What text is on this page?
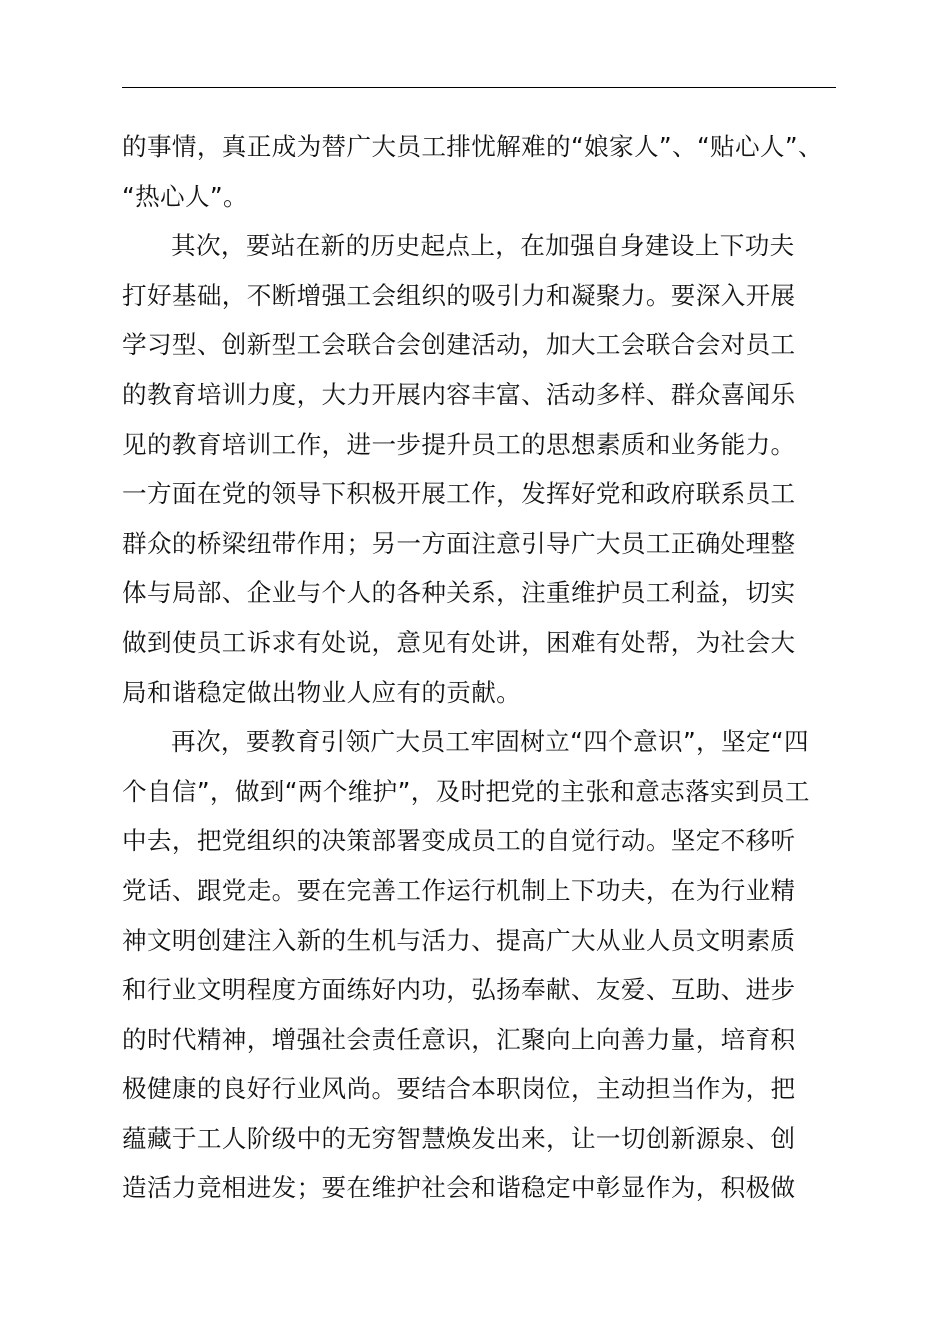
的事情，真正成为替广大员工排忧解难的“娘家人”、“贴心人”、
“热心人”。
其次，要站在新的历史起点上，在加强自身建设上下功夫
打好基础，不断增强工会组织的吸引力和凝聚力。要深入开展
学习型、创新型工会联合会创建活动，加大工会联合会对员工
的教育培训力度，大力开展内容丰富、活动多样、群众喜闻乐
见的教育培训工作，进一步提升员工的思想素质和业务能力。
一方面在党的领导下积极开展工作，发挥好党和政府联系员工
群众的桥梁纽带作用；另一方面注意引导广大员工正确处理整
体与局部、企业与个人的各种关系，注重维护员工利益，切实
做到使员工诉求有处说，意见有处讲，困难有处帮，为社会大
局和谐稳定做出物业人应有的贡献。
再次，要教育引领广大员工牢固树立“四个意识”，坚定“四
个自信”，做到“两个维护”，及时把党的主张和意志落实到员工
中去，把党组织的决策部署变成员工的自觉行动。坚定不移听
党话、跟党走。要在完善工作运行机制上下功夫，在为行业精
神文明创建注入新的生机与活力、提高广大从业人员文明素质
和行业文明程度方面练好内功，弘扬奉献、友爱、互助、进步
的时代精神，增强社会责任意识，汇聚向上向善力量，培育积
极健康的良好行业风尚。要结合本职岗位，主动担当作为，把
蕴藏于工人阶级中的无穷智慧焕发出来，让一切创新源泉、创
造活力竞相进发；要在维护社会和谐稳定中彰显作为，积极做
